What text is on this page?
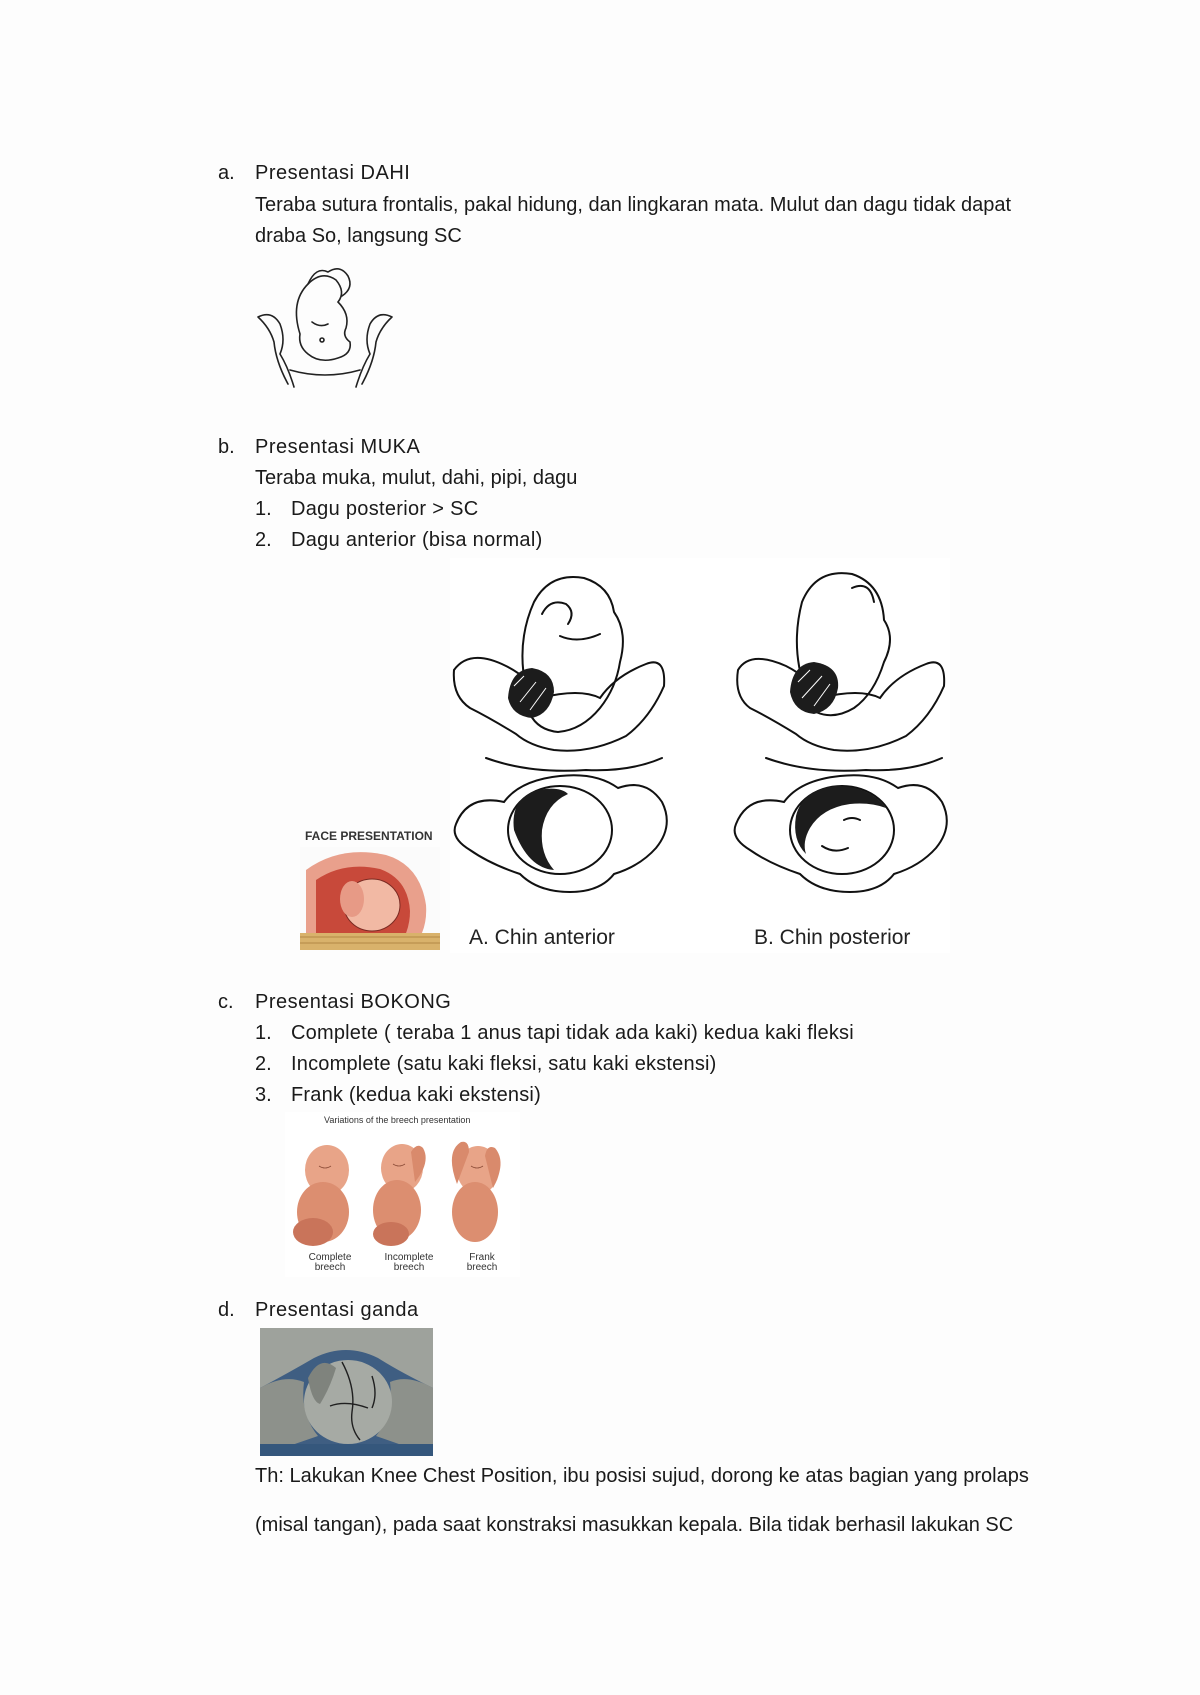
a. Presentasi DAHI
Teraba sutura frontalis, pakal hidung, dan lingkaran mata. Mulut dan dagu tidak dapat
draba So, langsung SC
b. Presentasi MUKA
Teraba muka, mulut, dahi, pipi, dagu
1. Dagu posterior > SC
2. Dagu anterior (bisa normal)
FACE PRESENTATION
A. Chin anterior	B. Chin posterior
c. Presentasi BOKONG
1. Complete ( teraba 1 anus tapi tidak ada kaki) kedua kaki fleksi
2. Incomplete (satu kaki fleksi, satu kaki ekstensi)
3. Frank (kedua kaki ekstensi)
Variations of the breech presentation
Complete
breech
Incomplete
breech
Frank
breech
d. Presentasi ganda
Th: Lakukan Knee Chest Position, ibu posisi sujud, dorong ke atas bagian yang prolaps
(misal tangan), pada saat konstraksi masukkan kepala. Bila tidak berhasil lakukan SC
